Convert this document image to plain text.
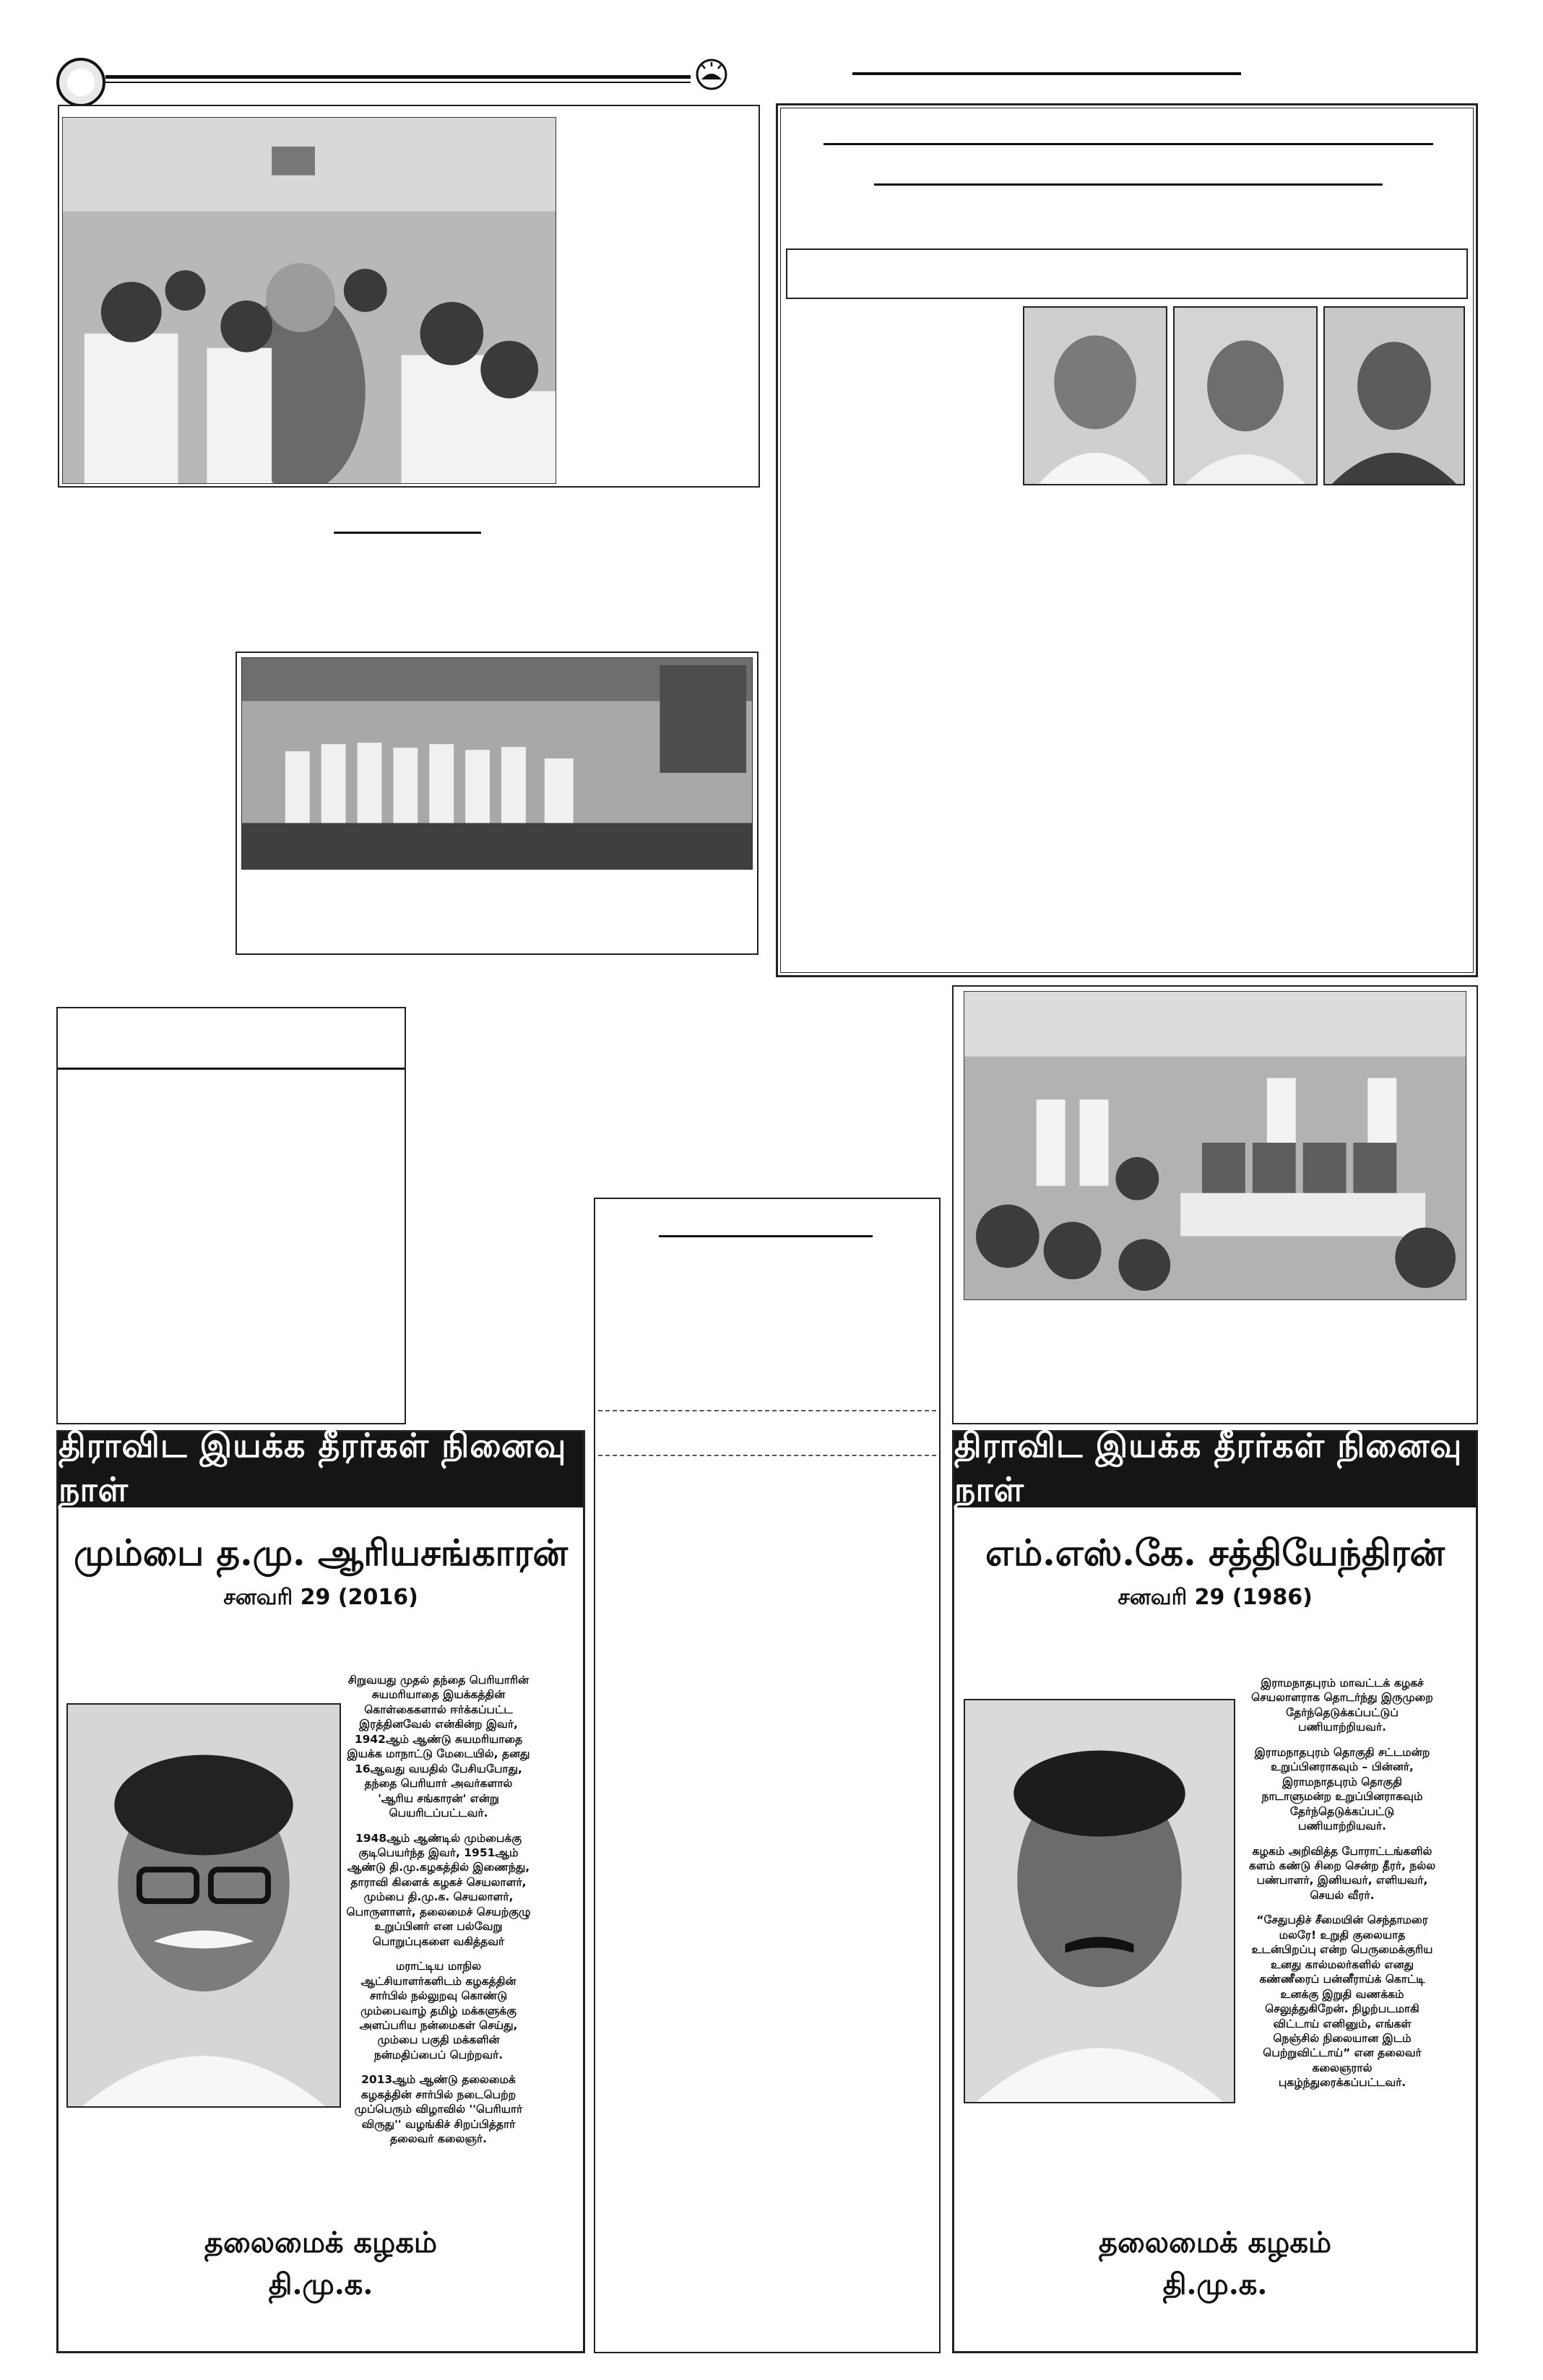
திராவிட இயக்க தீரர்கள் நினைவு நாள்
மும்பை த.மு. ஆரியசங்காரன்
சனவரி 29 (2016)

சிறுவயது முதல் தந்தை பெரியாரின் சுயமரியாதை இயக்கத்தின் கொள்கைகளால் ஈர்க்கப்பட்ட இரத்தினவேல் என்கின்ற இவர், 1942ஆம் ஆண்டு சுயமரியாதை இயக்க மாநாட்டு மேடையில், தனது 16ஆவது வயதில் பேசியபோது, தந்தை பெரியார் அவர்களால் 'ஆரிய சங்காரன்' என்று பெயரிடப்பட்டவர்.

1948ஆம் ஆண்டில் மும்பைக்கு குடிபெயர்ந்த இவர், 1951ஆம் ஆண்டு தி.மு.கழகத்தில் இணைந்து, தாராவி கிளைக் கழகச் செயலாளர், மும்பை தி.மு.க. செயலாளர், பொருளாளர், தலைமைச் செயற்குழு உறுப்பினர் என பல்வேறு பொறுப்புகளை வகித்தவர்

மராட்டிய மாநில ஆட்சியாளர்களிடம் கழகத்தின் சார்பில் நல்லுறவு கொண்டு மும்பைவாழ் தமிழ் மக்களுக்கு அளப்பரிய நன்மைகள் செய்து, மும்பை பகுதி மக்களின் நன்மதிப்பைப் பெற்றவர்.

2013ஆம் ஆண்டு தலைமைக் கழகத்தின் சார்பில் நடைபெற்ற முப்பெரும் விழாவில் ''பெரியார் விருது'' வழங்கிச் சிறப்பித்தார் தலைவர் கலைஞர்.

தலைமைக் கழகம்
தி.மு.க.
திராவிட இயக்க தீரர்கள் நினைவு நாள்
எம்.எஸ்.கே. சத்தியேந்திரன்
சனவரி 29 (1986)

இராமநாதபுரம் மாவட்டக் கழகச் செயலாளராக தொடர்ந்து இருமுறை தேர்ந்தெடுக்கப்பட்டுப் பணியாற்றியவர்.

இராமநாதபுரம் தொகுதி சட்டமன்ற உறுப்பினராகவும் – பின்னர், இராமநாதபுரம் தொகுதி நாடாளுமன்ற உறுப்பினராகவும் தேர்ந்தெடுக்கப்பட்டு பணியாற்றியவர்.

கழகம் அறிவித்த போராட்டங்களில் களம் கண்டு சிறை சென்ற தீரர், நல்ல பண்பாளர், இனியவர், எளியவர், செயல் வீரர்.

“சேதுபதிச் சீமையின் செந்தாமரை மலரே! உறுதி குலையாத உடன்பிறப்பு என்ற பெருமைக்குரிய உனது கால்மலர்களில் எனது கண்ணீரைப் பன்னீராய்க் கொட்டி உனக்கு இறுதி வணக்கம் செலுத்துகிறேன். நிழற்படமாகி விட்டாய் எனினும், எங்கள் நெஞ்சில் நிலையான இடம் பெற்றுவிட்டாய்” என தலைவர் கலைஞரால் புகழ்ந்துரைக்கப்பட்டவர்.

தலைமைக் கழகம்
தி.மு.க.
